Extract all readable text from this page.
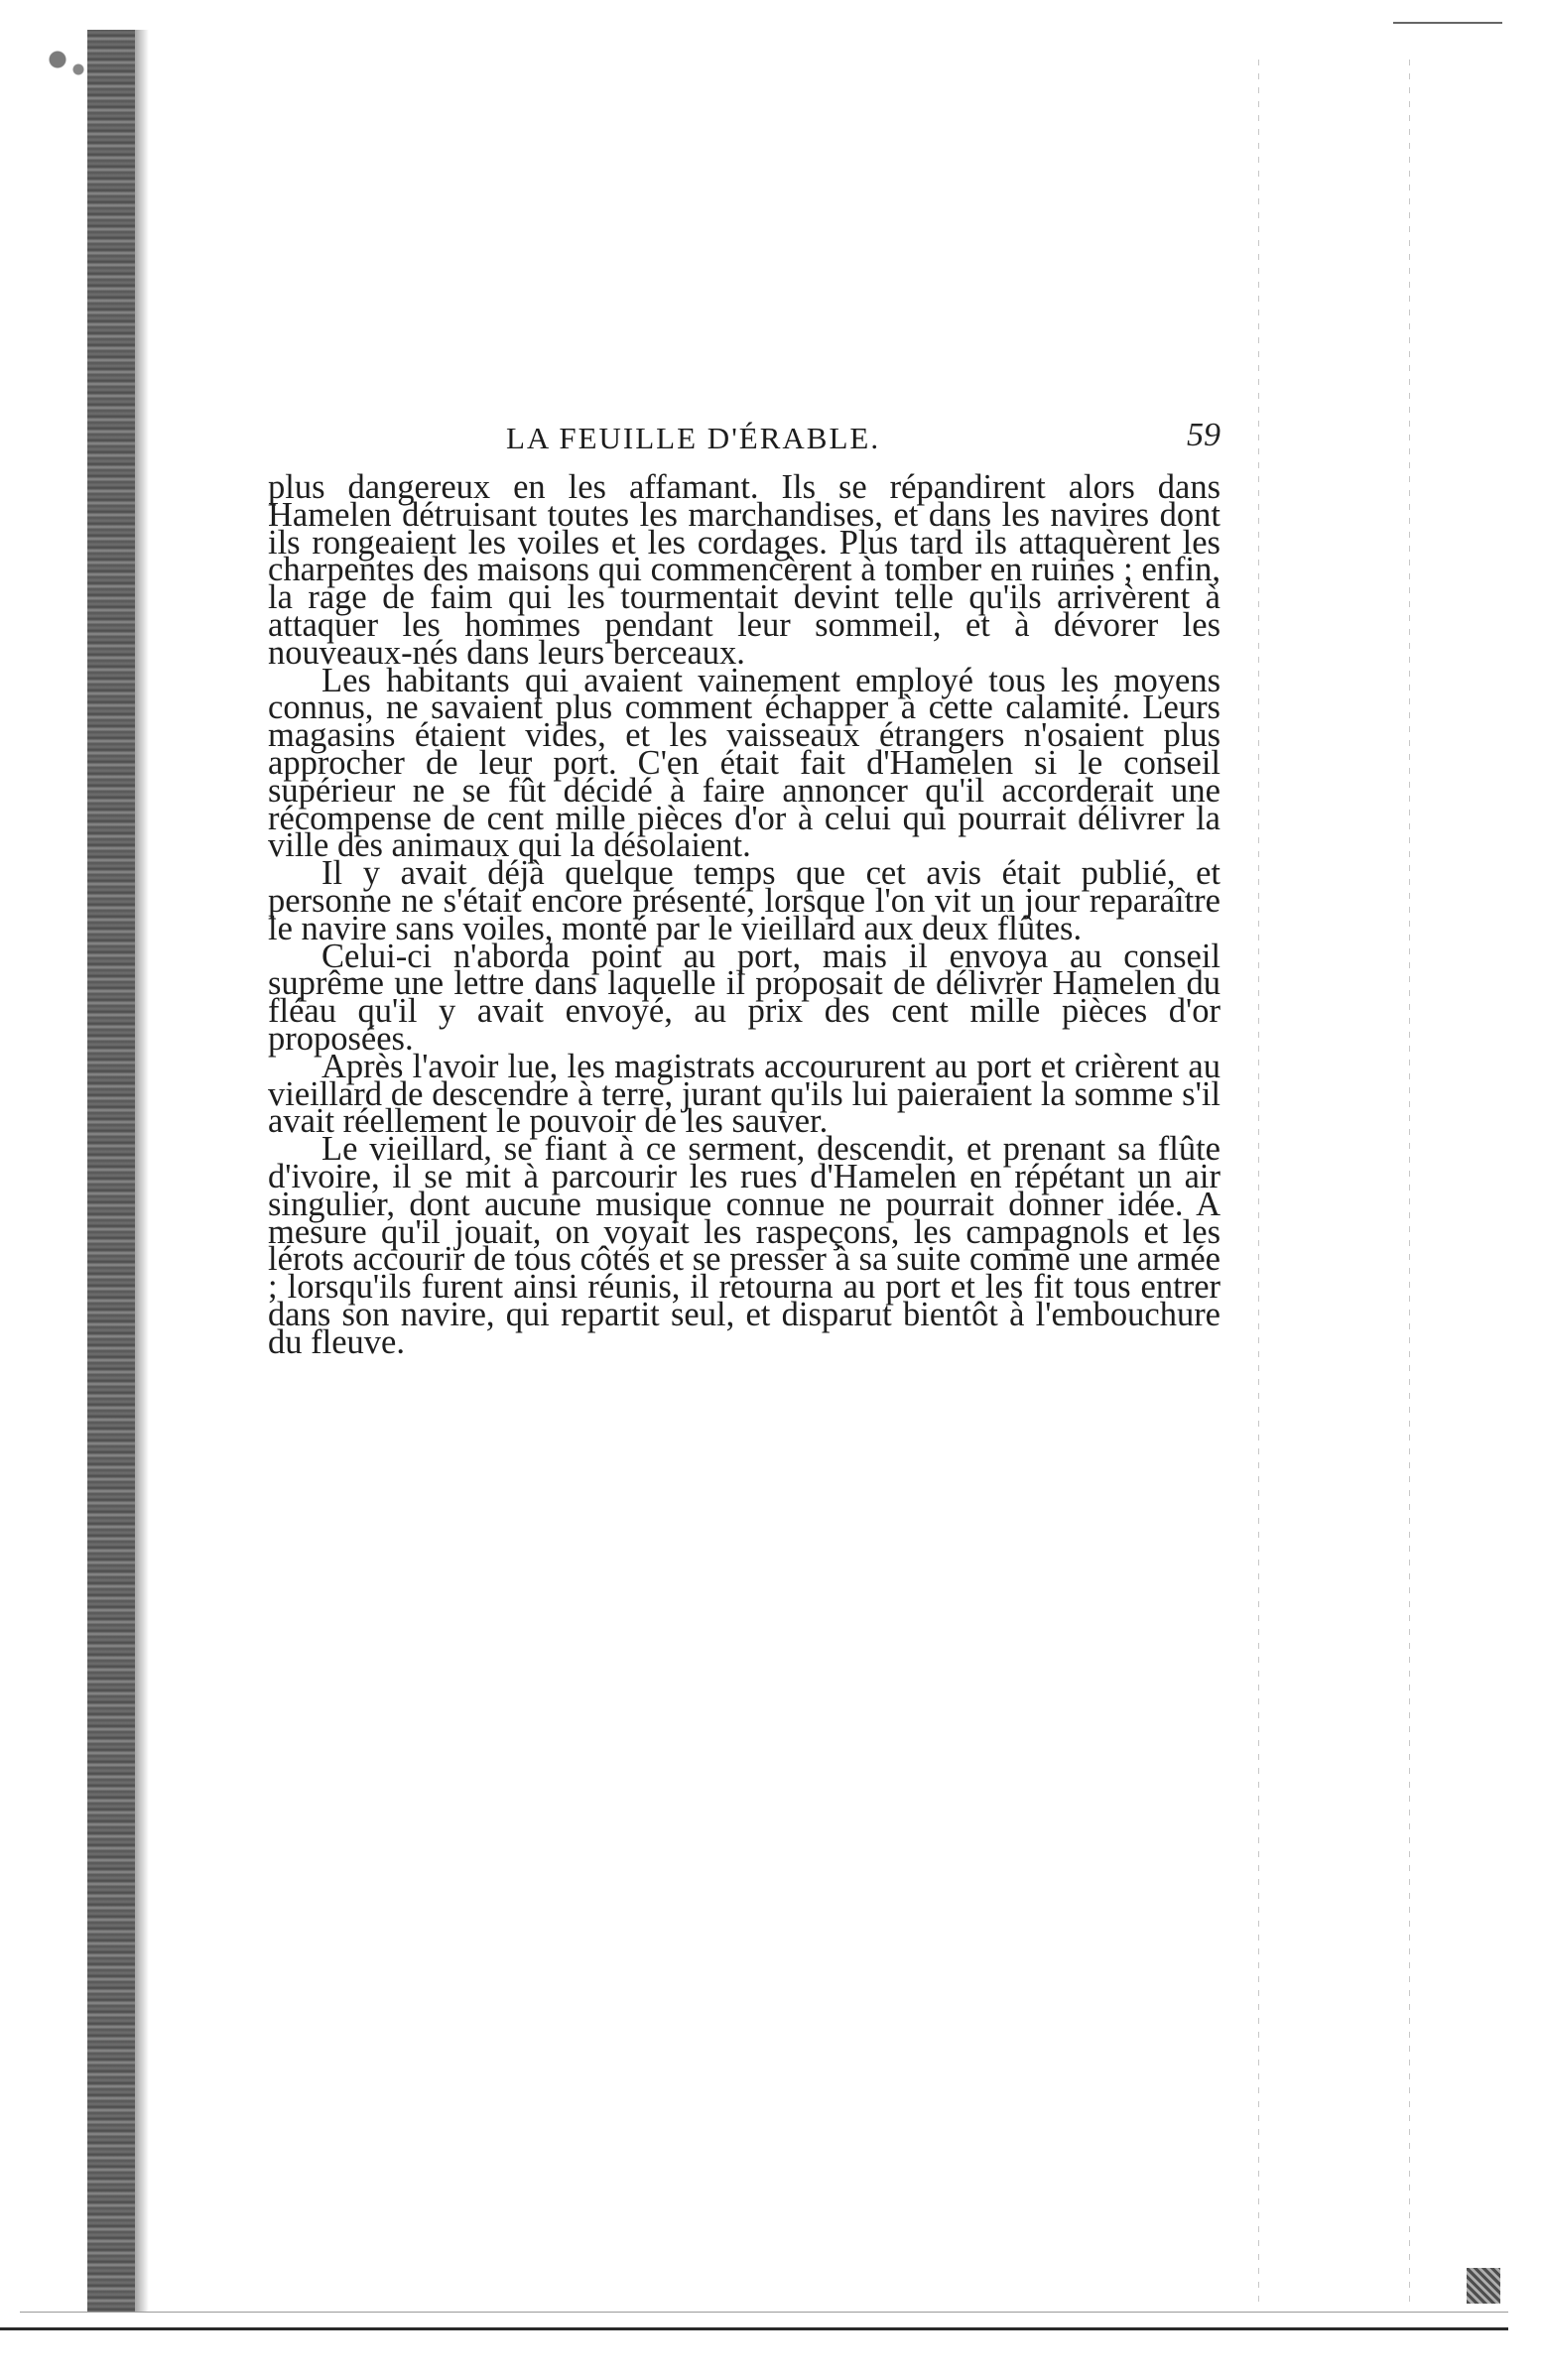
LA FEUILLE D'ÉRABLE.	59

plus dangereux en les affamant. Ils se répandirent alors dans Hamelen détruisant toutes les marchandises, et dans les navires dont ils rongeaient les voiles et les cordages. Plus tard ils attaquèrent les charpentes des maisons qui commencèrent à tomber en ruines ; enfin, la rage de faim qui les tourmentait devint telle qu'ils arrivèrent à attaquer les hommes pendant leur sommeil, et à dévorer les nouveaux-nés dans leurs berceaux.

Les habitants qui avaient vainement employé tous les moyens connus, ne savaient plus comment échapper à cette calamité. Leurs magasins étaient vides, et les vaisseaux étrangers n'osaient plus approcher de leur port. C'en était fait d'Hamelen si le conseil supérieur ne se fût décidé à faire annoncer qu'il accorderait une récompense de cent mille pièces d'or à celui qui pourrait délivrer la ville des animaux qui la désolaient.

Il y avait déjà quelque temps que cet avis était publié, et personne ne s'était encore présenté, lorsque l'on vit un jour reparaître le navire sans voiles, monté par le vieillard aux deux flûtes.

Celui-ci n'aborda point au port, mais il envoya au conseil suprême une lettre dans laquelle il proposait de délivrer Hamelen du fléau qu'il y avait envoyé, au prix des cent mille pièces d'or proposées.

Après l'avoir lue, les magistrats accoururent au port et crièrent au vieillard de descendre à terre, jurant qu'ils lui paieraient la somme s'il avait réellement le pouvoir de les sauver.

Le vieillard, se fiant à ce serment, descendit, et prenant sa flûte d'ivoire, il se mit à parcourir les rues d'Hamelen en répétant un air singulier, dont aucune musique connue ne pourrait donner idée. A mesure qu'il jouait, on voyait les raspeçons, les campagnols et les lérots accourir de tous côtés et se presser à sa suite comme une armée ; lorsqu'ils furent ainsi réunis, il retourna au port et les fit tous entrer dans son navire, qui repartit seul, et disparut bientôt à l'embouchure du fleuve.
